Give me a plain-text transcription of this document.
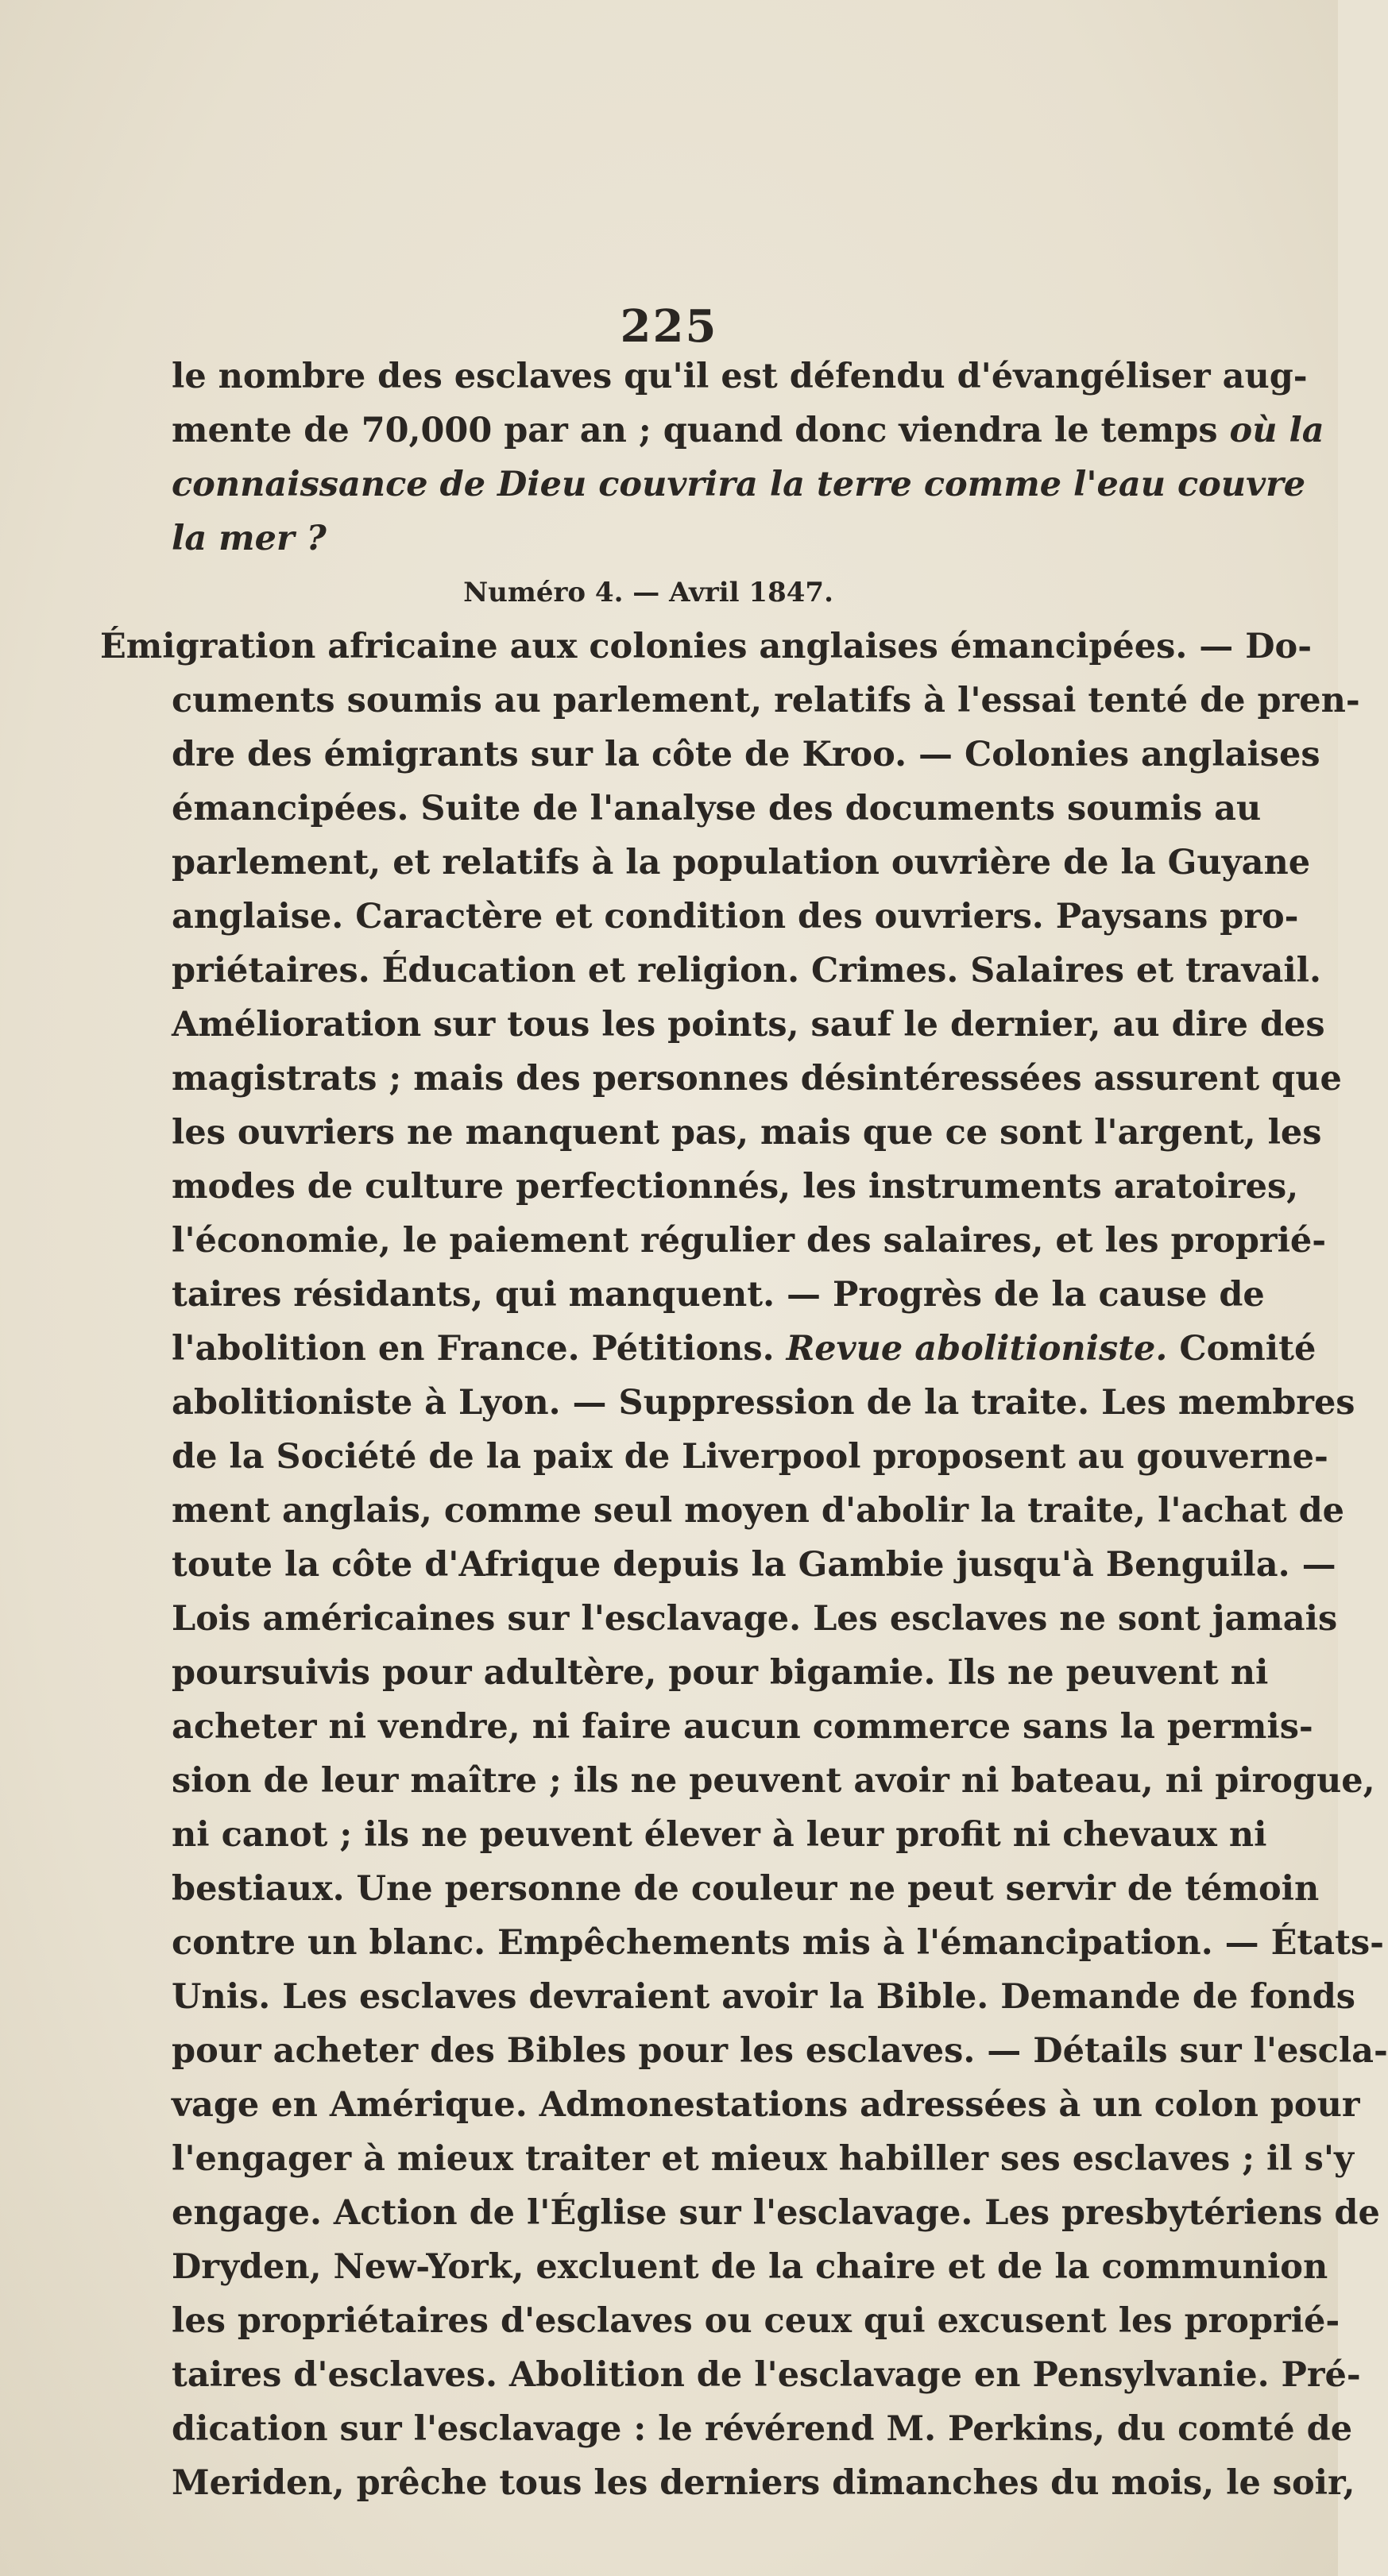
225
le nombre des esclaves qu'il est défendu d'évangéliser aug-
mente de 70,000 par an ; quand donc viendra le temps où la
connaissance de Dieu couvrira la terre comme l'eau couvre
la mer ?
Numéro 4. — Avril 1847.
Émigration africaine aux colonies anglaises émancipées. — Do-
cuments soumis au parlement, relatifs à l'essai tenté de pren-
dre des émigrants sur la côte de Kroo. — Colonies anglaises
émancipées. Suite de l'analyse des documents soumis au
parlement, et relatifs à la population ouvrière de la Guyane
anglaise. Caractère et condition des ouvriers. Paysans pro-
priétaires. Éducation et religion. Crimes. Salaires et travail.
Amélioration sur tous les points, sauf le dernier, au dire des
magistrats ; mais des personnes désintéressées assurent que
les ouvriers ne manquent pas, mais que ce sont l'argent, les
modes de culture perfectionnés, les instruments aratoires,
l'économie, le paiement régulier des salaires, et les proprié-
taires résidants, qui manquent. — Progrès de la cause de
l'abolition en France. Pétitions. Revue abolitioniste. Comité
abolitioniste à Lyon. — Suppression de la traite. Les membres
de la Société de la paix de Liverpool proposent au gouverne-
ment anglais, comme seul moyen d'abolir la traite, l'achat de
toute la côte d'Afrique depuis la Gambie jusqu'à Benguila. —
Lois américaines sur l'esclavage. Les esclaves ne sont jamais
poursuivis pour adultère, pour bigamie. Ils ne peuvent ni
acheter ni vendre, ni faire aucun commerce sans la permis-
sion de leur maître ; ils ne peuvent avoir ni bateau, ni pirogue,
ni canot ; ils ne peuvent élever à leur profit ni chevaux ni
bestiaux. Une personne de couleur ne peut servir de témoin
contre un blanc. Empêchements mis à l'émancipation. — États-
Unis. Les esclaves devraient avoir la Bible. Demande de fonds
pour acheter des Bibles pour les esclaves. — Détails sur l'escla-
vage en Amérique. Admonestations adressées à un colon pour
l'engager à mieux traiter et mieux habiller ses esclaves ; il s'y
engage. Action de l'Église sur l'esclavage. Les presbytériens de
Dryden, New-York, excluent de la chaire et de la communion
les propriétaires d'esclaves ou ceux qui excusent les proprié-
taires d'esclaves. Abolition de l'esclavage en Pensylvanie. Pré-
dication sur l'esclavage : le révérend M. Perkins, du comté de
Meriden, prêche tous les derniers dimanches du mois, le soir,
